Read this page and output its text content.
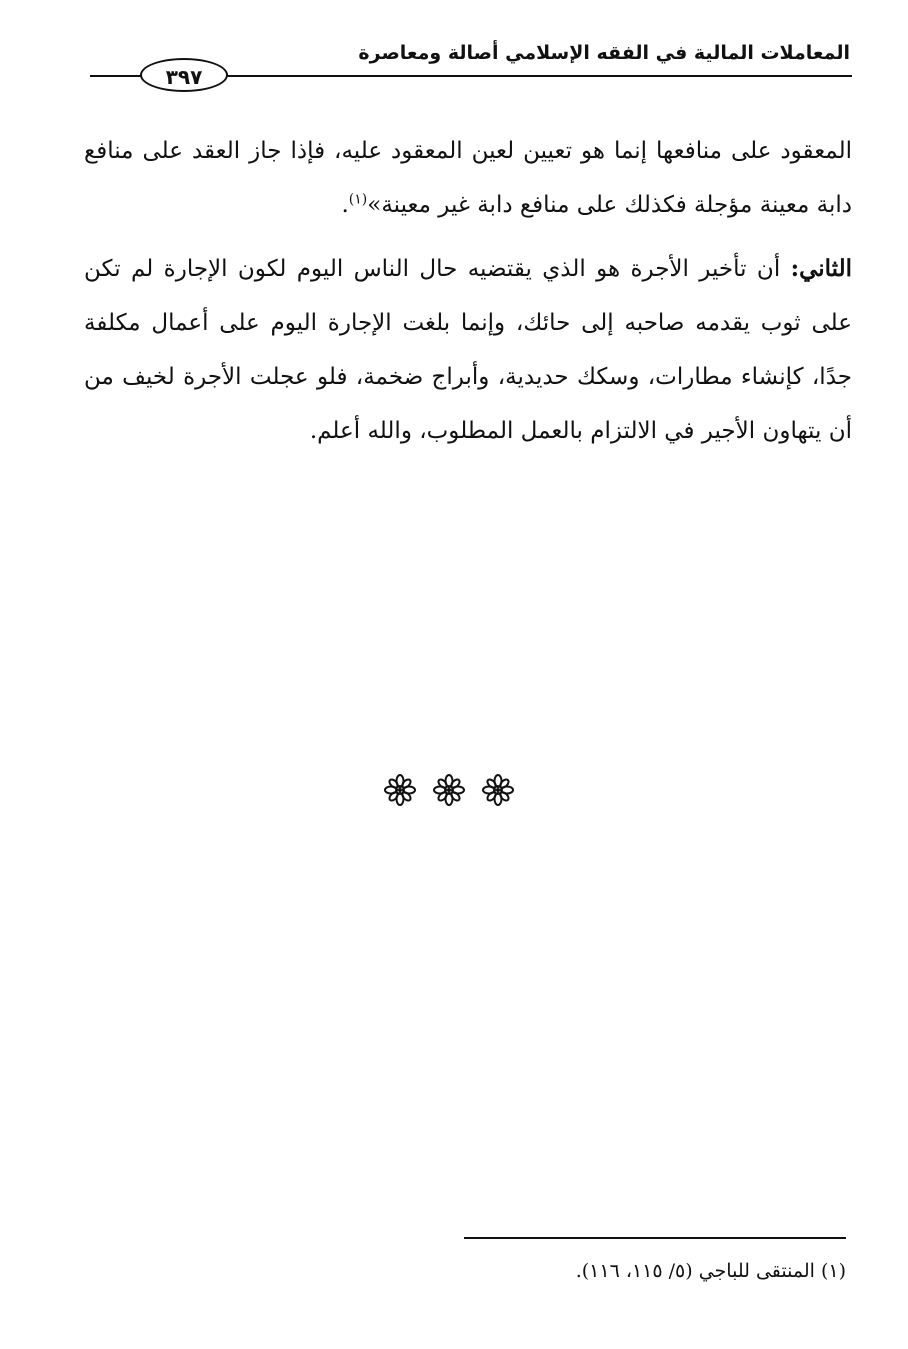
المعاملات المالية في الفقه الإسلامي أصالة ومعاصرة
٣٩٧

المعقود على منافعها إنما هو تعيين لعين المعقود عليه، فإذا جاز العقد على منافع دابة معينة مؤجلة فكذلك على منافع دابة غير معينة»$^{(١)}$.

الثاني: أن تأخير الأجرة هو الذي يقتضيه حال الناس اليوم لكون الإجارة لم تكن على ثوب يقدمه صاحبه إلى حائك، وإنما بلغت الإجارة اليوم على أعمال مكلفة جدًا، كإنشاء مطارات، وسكك حديدية، وأبراج ضخمة، فلو عجلت الأجرة لخيف من أن يتهاون الأجير في الالتزام بالعمل المطلوب، والله أعلم.

(١) المنتقى للباجي (٥/ ١١٥، ١١٦).
